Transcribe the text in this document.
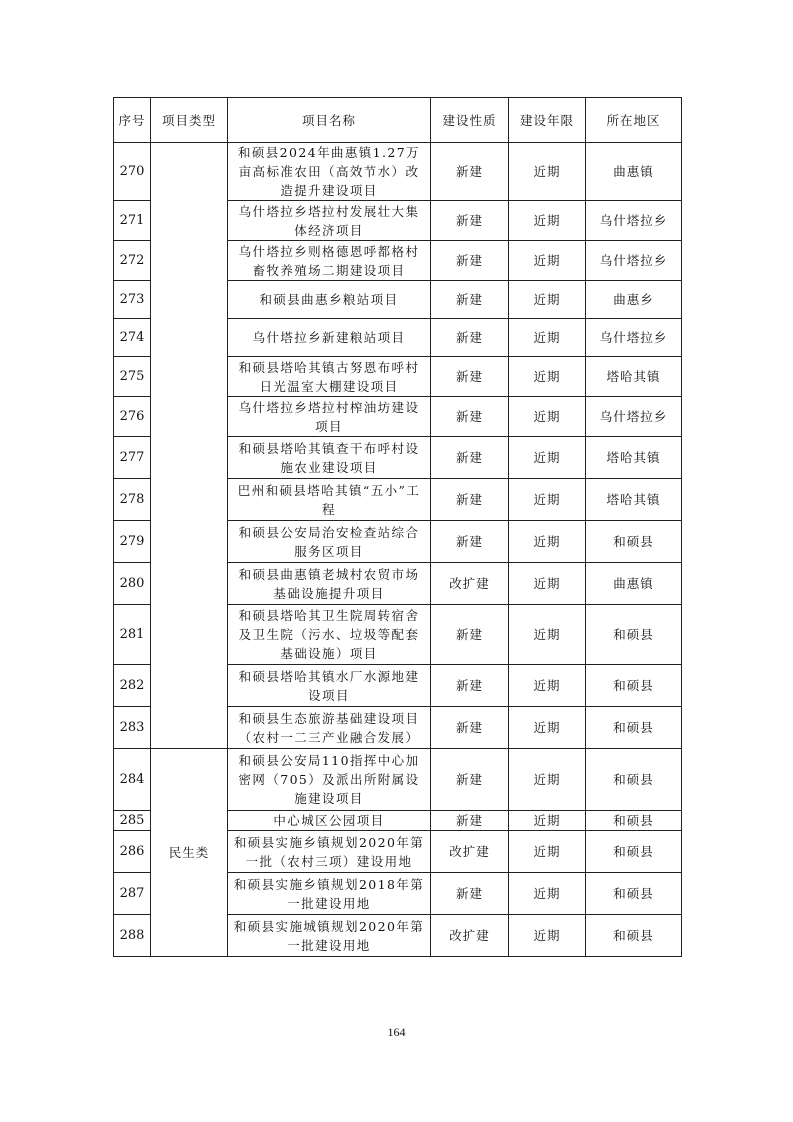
序号	项目类型	项目名称	建设性质	建设年限	所在地区
270		和硕县2024年曲惠镇1.27万亩高标准农田（高效节水）改造提升建设项目	新建	近期	曲惠镇
271		乌什塔拉乡塔拉村发展壮大集体经济项目	新建	近期	乌什塔拉乡
272		乌什塔拉乡则格德恩呼都格村畜牧养殖场二期建设项目	新建	近期	乌什塔拉乡
273		和硕县曲惠乡粮站项目	新建	近期	曲惠乡
274		乌什塔拉乡新建粮站项目	新建	近期	乌什塔拉乡
275		和硕县塔哈其镇古努恩布呼村日光温室大棚建设项目	新建	近期	塔哈其镇
276		乌什塔拉乡塔拉村榨油坊建设项目	新建	近期	乌什塔拉乡
277		和硕县塔哈其镇查干布呼村设施农业建设项目	新建	近期	塔哈其镇
278		巴州和硕县塔哈其镇“五小”工程	新建	近期	塔哈其镇
279		和硕县公安局治安检查站综合服务区项目	新建	近期	和硕县
280		和硕县曲惠镇老城村农贸市场基础设施提升项目	改扩建	近期	曲惠镇
281		和硕县塔哈其卫生院周转宿舍及卫生院（污水、垃圾等配套基础设施）项目	新建	近期	和硕县
282		和硕县塔哈其镇水厂水源地建设项目	新建	近期	和硕县
283		和硕县生态旅游基础建设项目（农村一二三产业融合发展）	新建	近期	和硕县
284	民生类	和硕县公安局110指挥中心加密网（705）及派出所附属设施建设项目	新建	近期	和硕县
285		中心城区公园项目	新建	近期	和硕县
286		和硕县实施乡镇规划2020年第一批（农村三项）建设用地	改扩建	近期	和硕县
287		和硕县实施乡镇规划2018年第一批建设用地	新建	近期	和硕县
288		和硕县实施城镇规划2020年第一批建设用地	改扩建	近期	和硕县
164
